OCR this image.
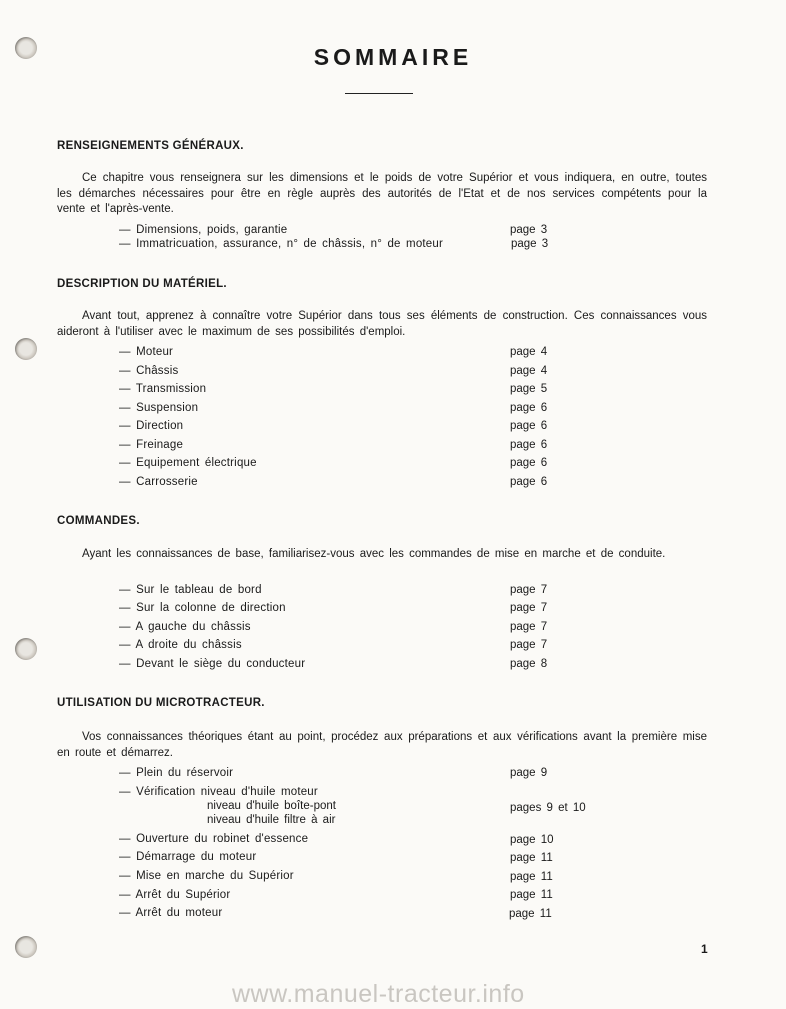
SOMMAIRE
RENSEIGNEMENTS GÉNÉRAUX.
Ce chapitre vous renseignera sur les dimensions et le poids de votre Supérior et vous indiquera, en outre, toutes les démarches nécessaires pour être en règle auprès des autorités de l'Etat et de nos services compétents pour la vente et l'après-vente.
— Dimensions, poids, garantie	page 3
— Immatricuation, assurance, n° de châssis, n° de moteur	page 3
DESCRIPTION DU MATÉRIEL.
Avant tout, apprenez à connaître votre Supérior dans tous ses éléments de construction. Ces connaissances vous aideront à l'utiliser avec le maximum de ses possibilités d'emploi.
— Moteur	page 4
— Châssis	page 4
— Transmission	page 5
— Suspension	page 6
— Direction	page 6
— Freinage	page 6
— Equipement électrique	page 6
— Carrosserie	page 6
COMMANDES.
Ayant les connaissances de base, familiarisez-vous avec les commandes de mise en marche et de conduite.
— Sur le tableau de bord	page 7
— Sur la colonne de direction	page 7
— A gauche du châssis	page 7
— A droite du châssis	page 7
— Devant le siège du conducteur	page 8
UTILISATION DU MICROTRACTEUR.
Vos connaissances théoriques étant au point, procédez aux préparations et aux vérifications avant la première mise en route et démarrez.
— Plein du réservoir	page 9
— Vérification niveau d'huile moteur
niveau d'huile boîte-pont	pages 9 et 10
niveau d'huile filtre à air
— Ouverture du robinet d'essence	page 10
— Démarrage du moteur	page 11
— Mise en marche du Supérior	page 11
— Arrêt du Supérior	page 11
— Arrêt du moteur	page 11
1
www.manuel-tracteur.info
